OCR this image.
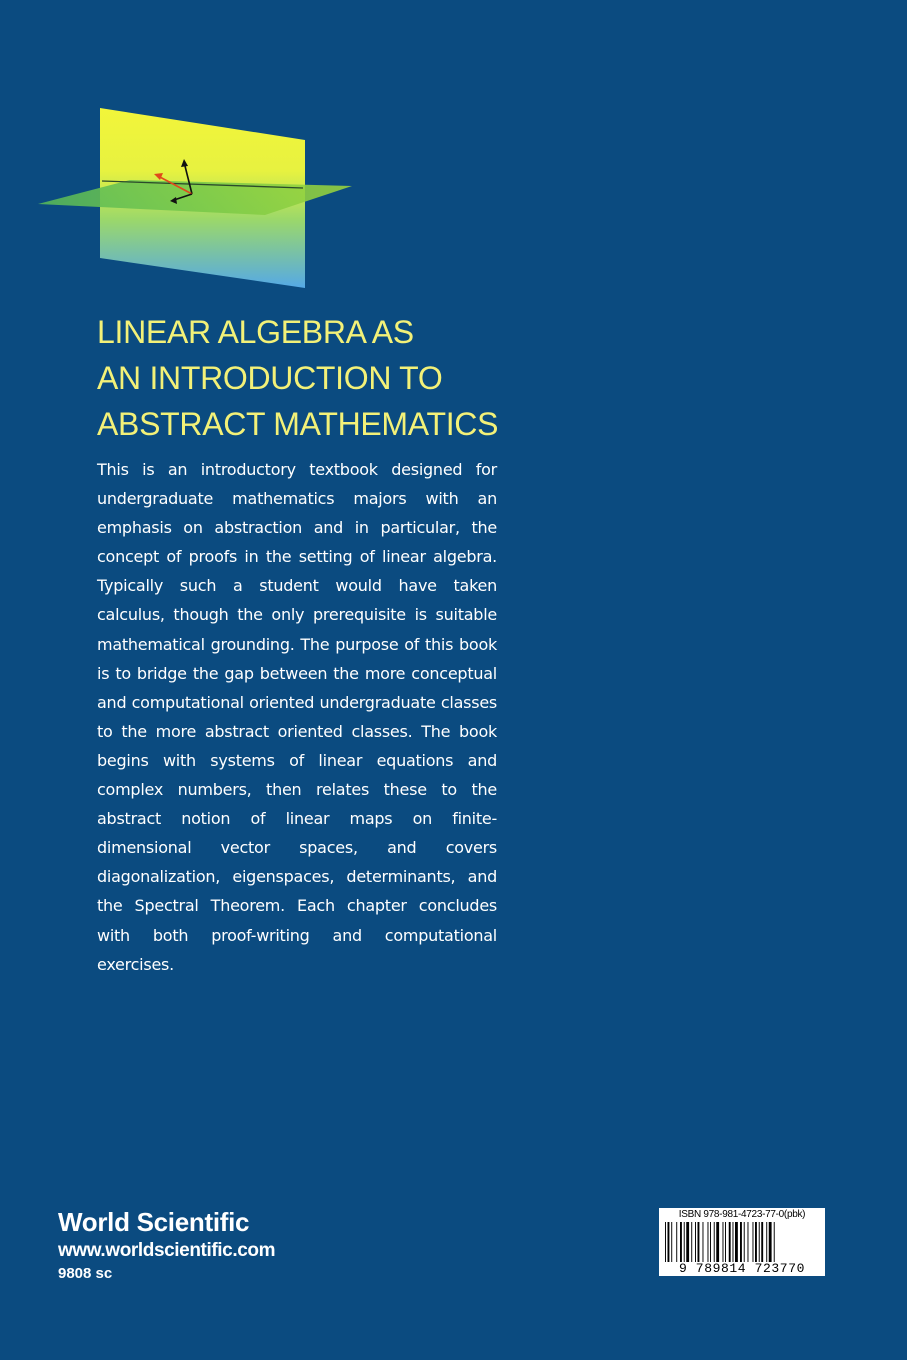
LINEAR ALGEBRA AS
AN INTRODUCTION TO
ABSTRACT MATHEMATICS

This is an introductory textbook designed for undergraduate mathematics majors with an emphasis on abstraction and in particular, the concept of proofs in the setting of linear algebra. Typically such a student would have taken calculus, though the only prerequisite is suitable mathematical grounding. The purpose of this book is to bridge the gap between the more conceptual and computational oriented undergraduate classes to the more abstract oriented classes. The book begins with systems of linear equations and complex numbers, then relates these to the abstract notion of linear maps on finite-dimensional vector spaces, and covers diagonalization, eigenspaces, determinants, and the Spectral Theorem. Each chapter concludes with both proof-writing and computational exercises.

World Scientific
www.worldscientific.com
9808 sc
ISBN 978-981-4723-77-0(pbk)
9 789814 723770
